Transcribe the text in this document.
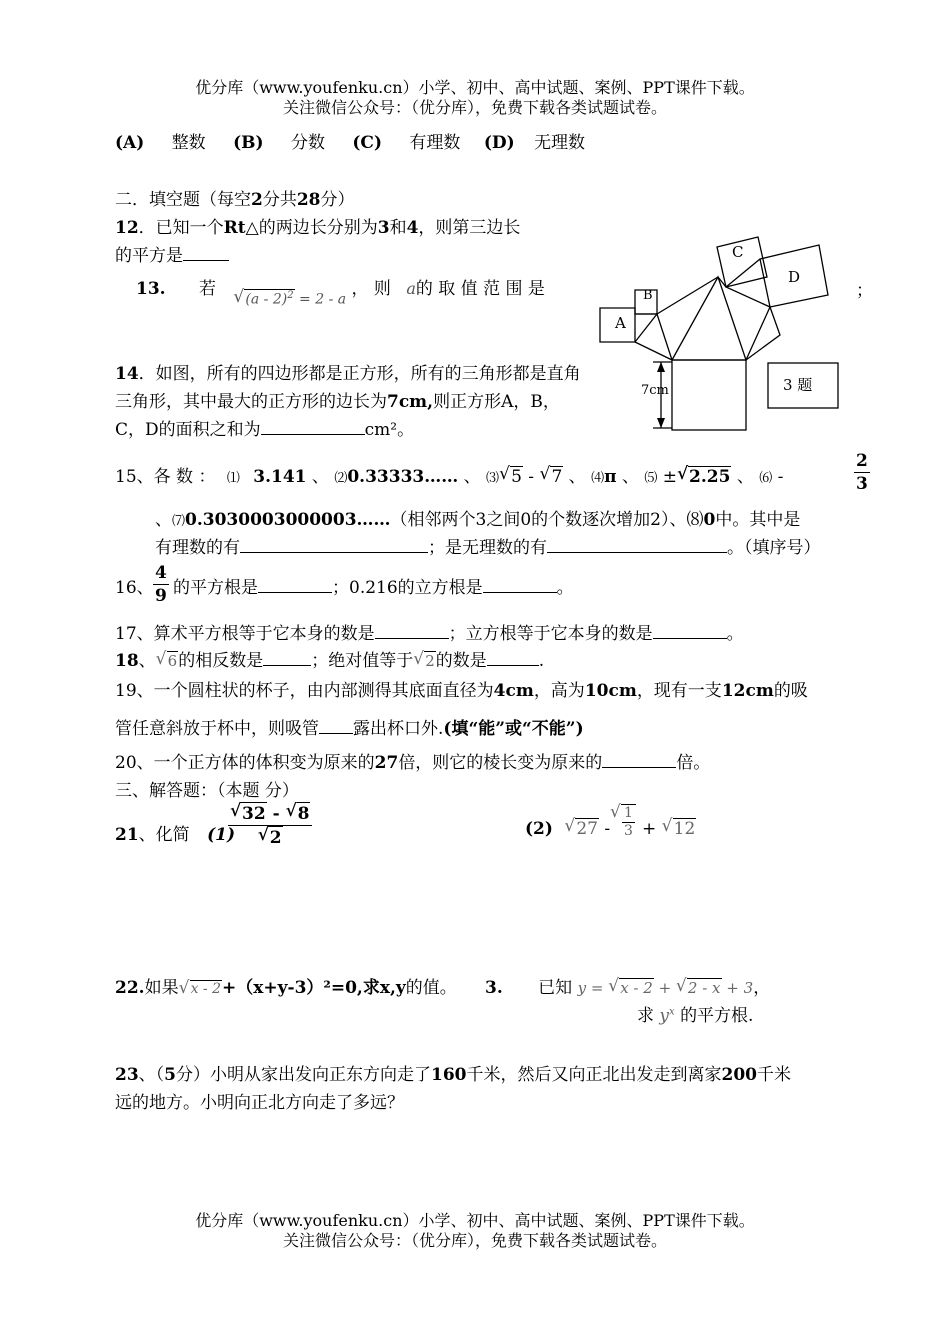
优分库（www.youfenku.cn）小学、初中、高中试题、案例、PPT课件下载。
关注微信公众号：（优分库），免费下载各类试题试卷。
(A) 整数 (B) 分数 (C) 有理数 (D) 无理数
二．填空题（每空2分共28分）
12．已知一个Rt△的两边长分别为3和4，则第三边长
的平方是
13. 若 √ (a - 2)$^2$ = 2 - a ， 则 a的 取 值 范 围 是	；
14．如图，所有的四边形都是正方形，所有的三角形都是直角三角形，其中最大的正方形的边长为7cm,则正方形A，B，C，D的面积之和为	cm²。
A
B
C
D
7cm	3 题
15、各 数 ： ⑴ 3.141 、 ⑵0.33333…… 、 ⑶ √ 5 - √ 7 、 ⑷π 、 ⑸ ± √ 2.25 、 ⑹ -	$\frac{2}{3}$
、⑺0.3030003000003……（相邻两个3之间0的个数逐次增加2）、⑻0中。其中是
有理数的有	；是无理数的有	。（填序号）
16、 $\frac{4}{9}$ 的平方根是	；0.216的立方根是	。
17、算术平方根等于它本身的数是	；立方根等于它本身的数是	。
18、 √ 6的相反数是	；绝对值等于 √ 2的数是	.
19、一个圆柱状的杯子，由内部测得其底面直径为4cm，高为10cm，现有一支12cm的吸
管任意斜放于杯中，则吸管 露出杯口外.(填“能”或“不能”)
20、一个正方体的体积变为原来的27倍，则它的棱长变为原来的	倍。
三、解答题：（本题 分）
21、化简 (1)
√ 32 - √ 8
√ 2	(2) √ 27 - √ $\frac{1}{3}$ + √ 12
22.如果 √ x - 2+（x+y-3）²=0,求x,y的值。 3. 已知 y = √ x - 2 + √ 2 - x + 3，
求 $y^x$ 的平方根.
23、（5分）小明从家出发向正东方向走了160千米，然后又向正北出发走到离家200千米
远的地方。小明向正北方向走了多远？
优分库（www.youfenku.cn）小学、初中、高中试题、案例、PPT课件下载。
关注微信公众号：（优分库），免费下载各类试题试卷。
